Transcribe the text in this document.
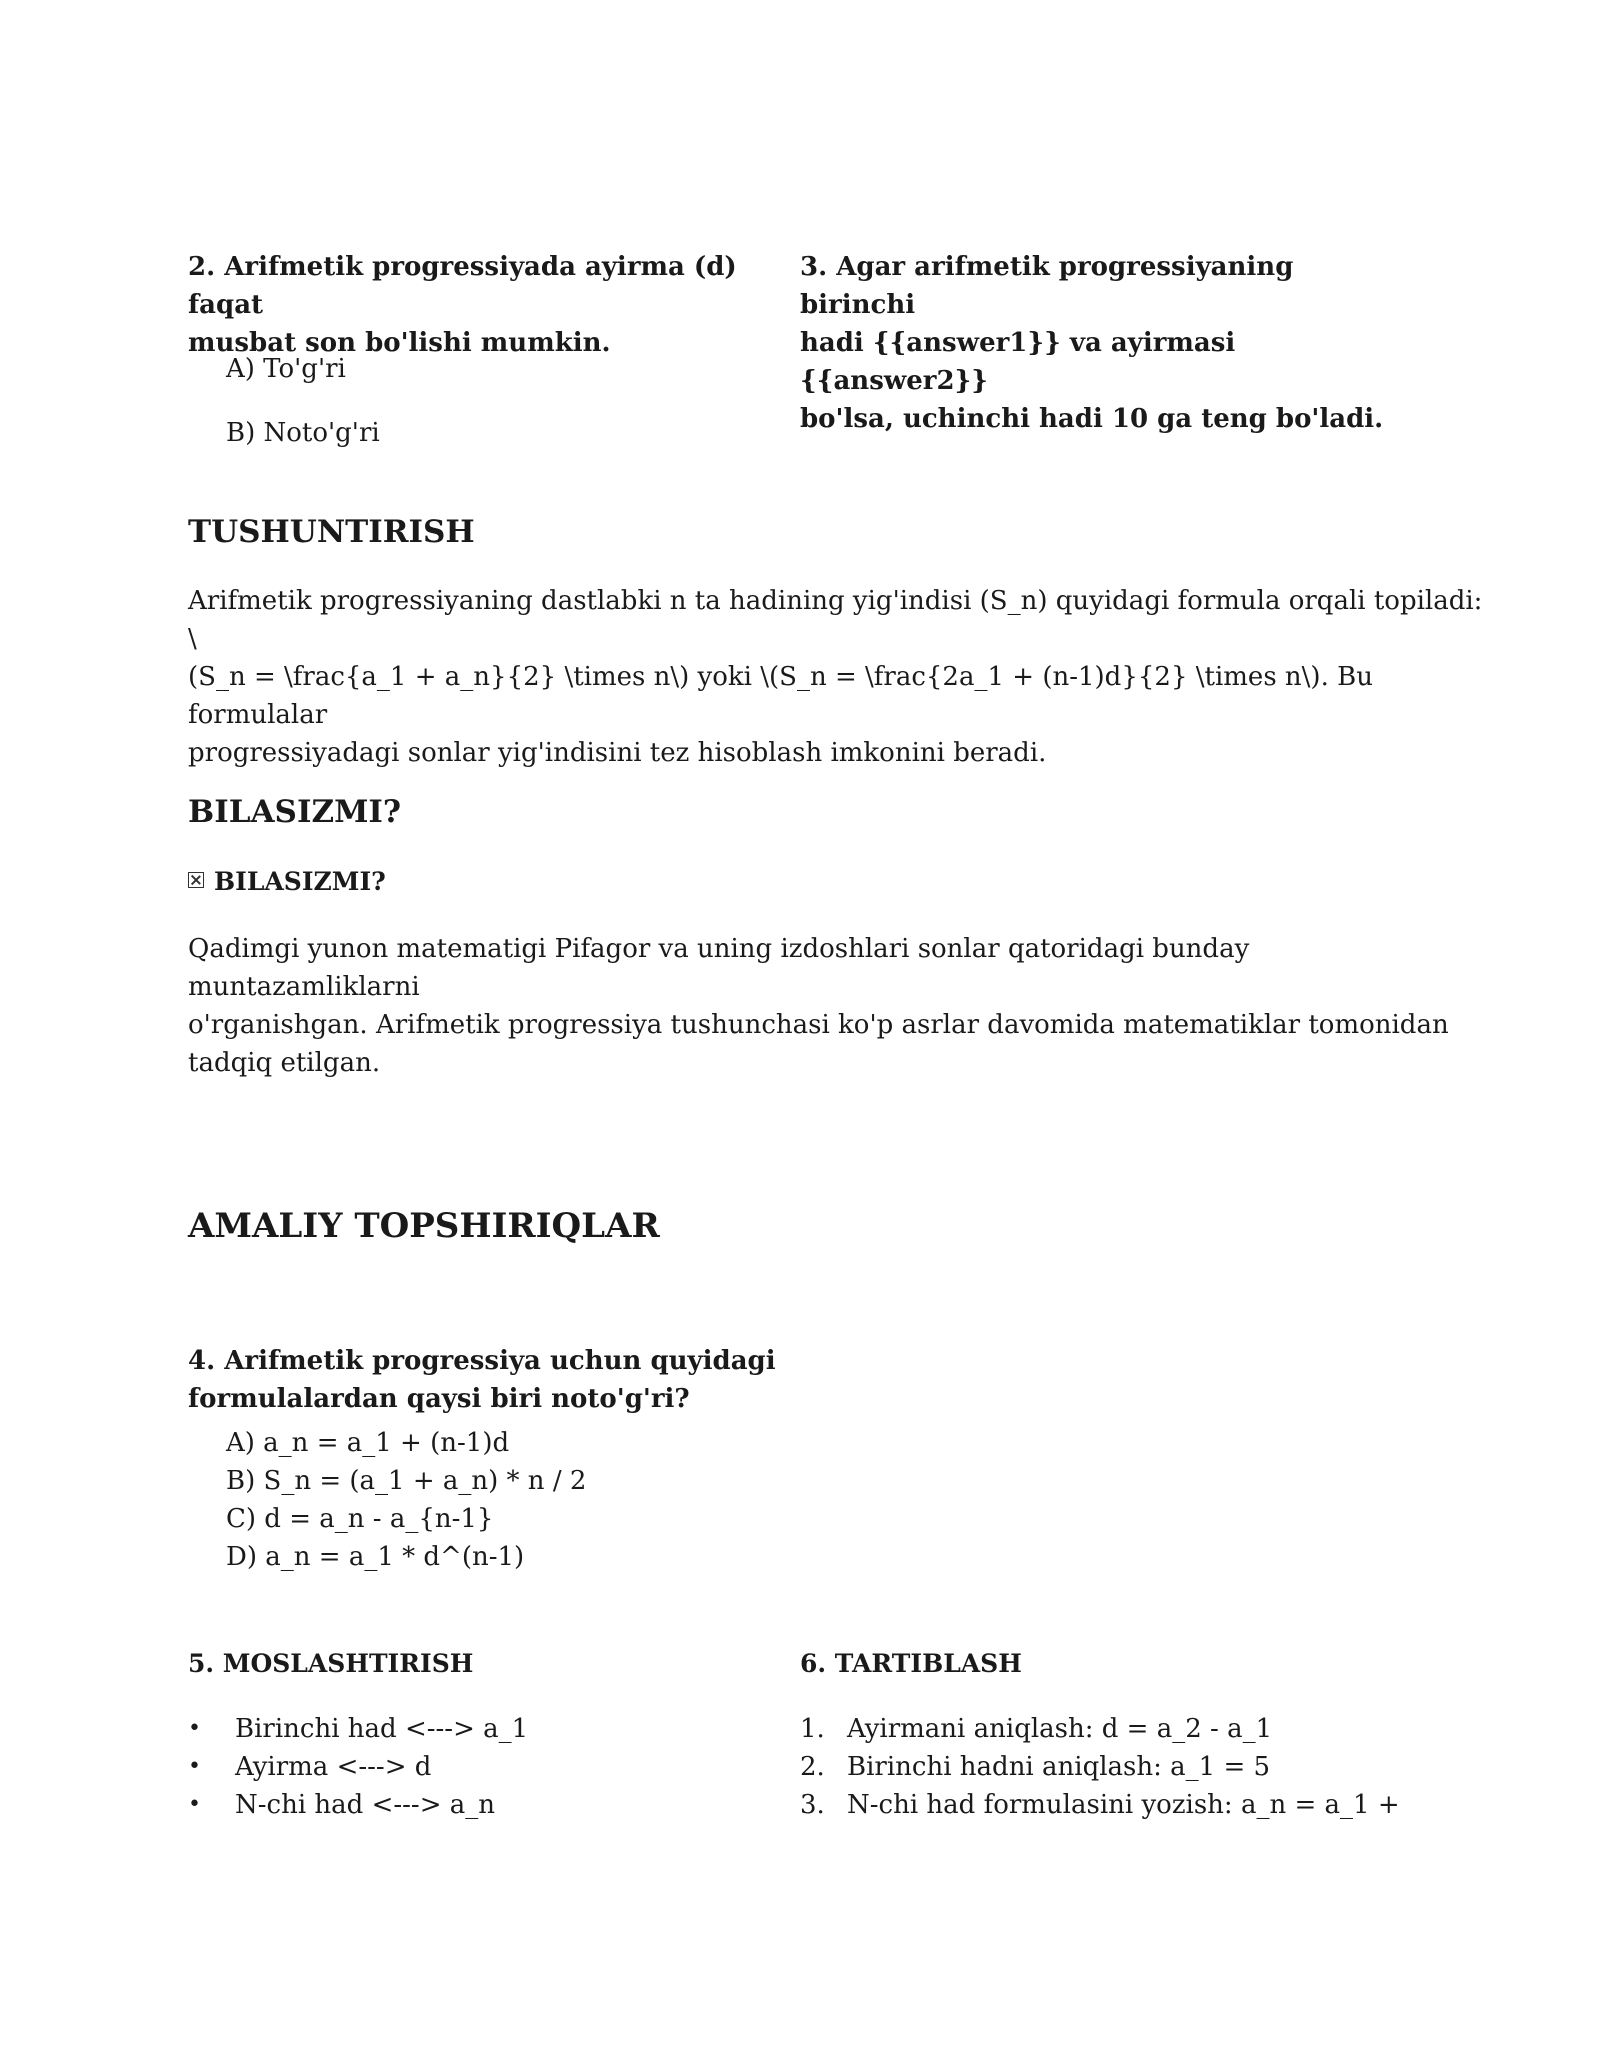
2. Arifmetik progressiyada ayirma (d) faqat
musbat son bo'lishi mumkin.
A) To'g'ri
B) Noto'g'ri
3. Agar arifmetik progressiyaning birinchi
hadi {{answer1}} va ayirmasi {{answer2}}
bo'lsa, uchinchi hadi 10 ga teng bo'ladi.
TUSHUNTIRISH
Arifmetik progressiyaning dastlabki n ta hadining yig'indisi (S_n) quyidagi formula orqali topiladi: \
(S_n = \frac{a_1 + a_n}{2} \times n\) yoki \(S_n = \frac{2a_1 + (n-1)d}{2} \times n\). Bu formulalar
progressiyadagi sonlar yig'indisini tez hisoblash imkonini beradi.
BILASIZMI?
BILASIZMI?
Qadimgi yunon matematigi Pifagor va uning izdoshlari sonlar qatoridagi bunday muntazamliklarni
o'rganishgan. Arifmetik progressiya tushunchasi ko'p asrlar davomida matematiklar tomonidan
tadqiq etilgan.
AMALIY TOPSHIRIQLAR
4. Arifmetik progressiya uchun quyidagi
formulalardan qaysi biri noto'g'ri?
A) a_n = a_1 + (n-1)d
B) S_n = (a_1 + a_n) * n / 2
C) d = a_n - a_{n-1}
D) a_n = a_1 * d^(n-1)
5. MOSLASHTIRISH
•	Birinchi had <---> a_1
•	Ayirma <---> d
•	N-chi had <---> a_n
6. TARTIBLASH
1. Ayirmani aniqlash: d = a_2 - a_1
2. Birinchi hadni aniqlash: a_1 = 5
3. N-chi had formulasini yozish: a_n = a_1 +
